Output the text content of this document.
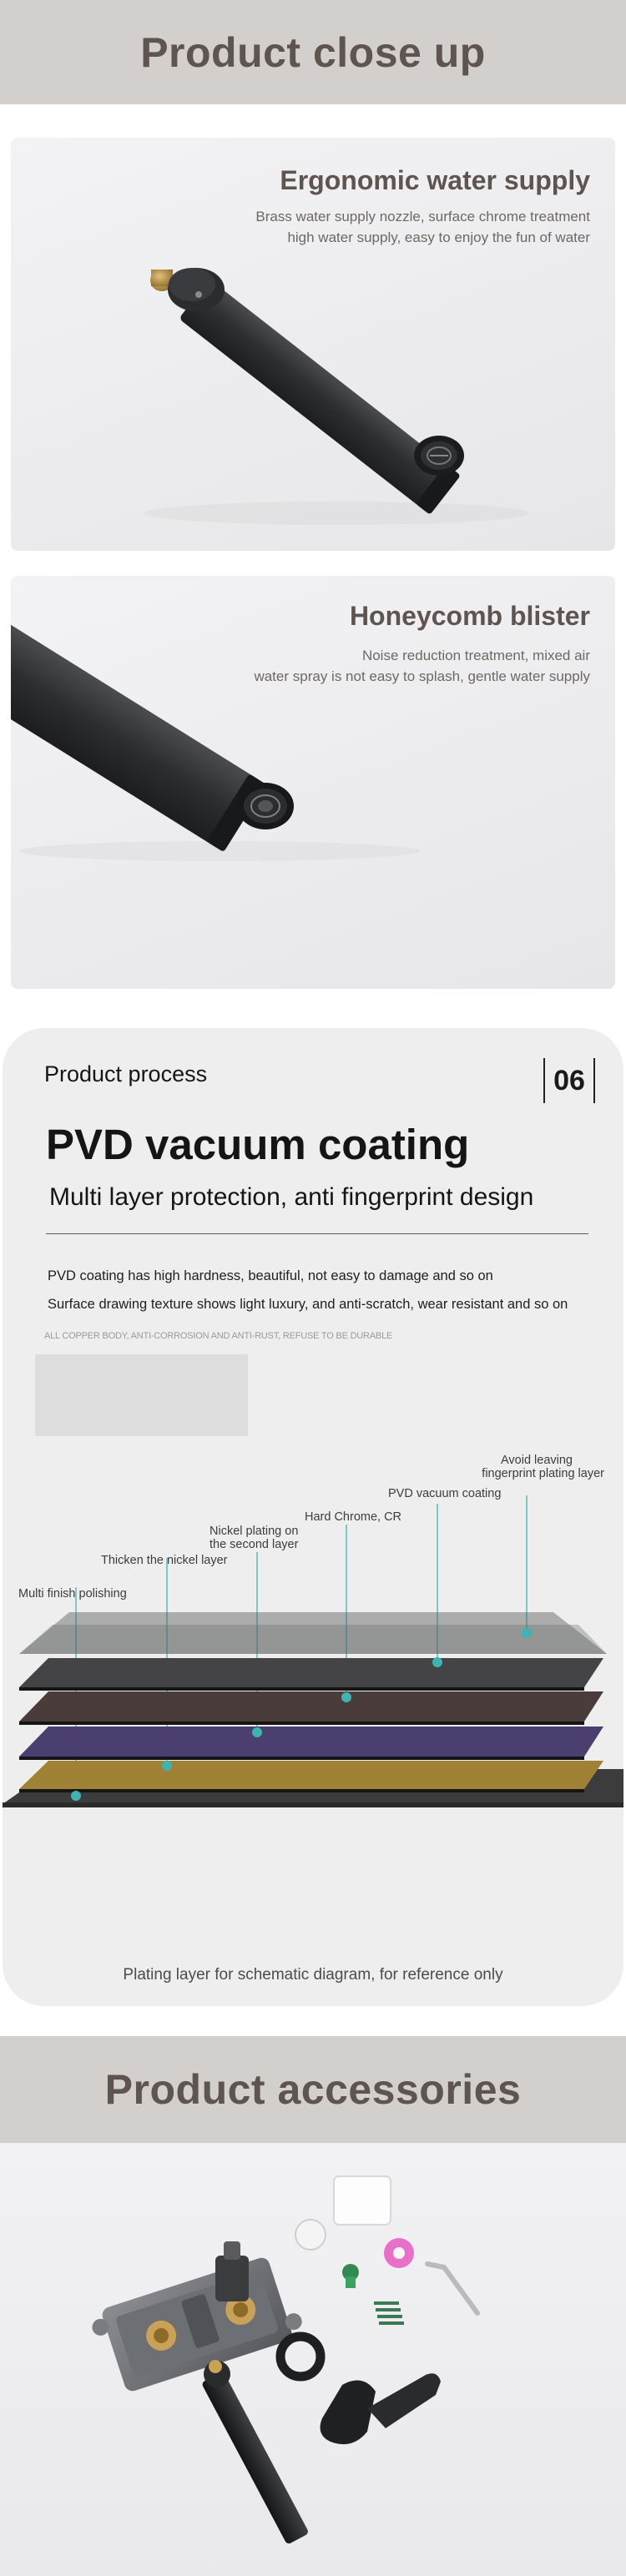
Product close up
Ergonomic water supply
Brass water supply nozzle, surface chrome treatment
high water supply, easy to enjoy the fun of water
Honeycomb blister
Noise reduction treatment, mixed air
water spray is not easy to splash, gentle water supply
Product process	06
PVD vacuum coating
Multi layer protection, anti fingerprint design
PVD coating has high hardness, beautiful, not easy to damage and so on
Surface drawing texture shows light luxury, and anti-scratch, wear resistant and so on
ALL COPPER BODY, ANTI-CORROSION AND ANTI-RUST, REFUSE TO BE DURABLE
Multi finish polishing
Thicken the nickel layer
Nickel plating on
the second layer
Hard Chrome, CR
PVD vacuum coating
Avoid leaving
fingerprint plating layer
Plating layer for schematic diagram, for reference only
Product accessories
